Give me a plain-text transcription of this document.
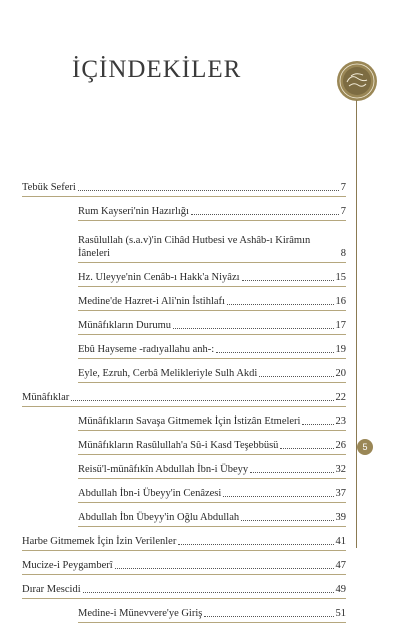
İÇİNDEKİLER
5
Tebük Seferi	7
Rum Kayseri'nin Hazırlığı	7
Rasûlullah (s.a.v)'in Cihâd Hutbesi ve Ashâb-ı Kirâmın İâneleri	8
Hz. Uleyye'nin Cenâb-ı Hakk'a Niyâzı	15
Medine'de Hazret-i Ali'nin İstihlafı	16
Münâfıkların Durumu	17
Ebû Hayseme -radıyallahu anh-:	19
Eyle, Ezruh, Cerbâ Melikleriyle Sulh Akdi	20
Münâfıklar	22
Münâfıkların Savaşa Gitmemek İçin İstizân Etmeleri	23
Münâfıkların Rasûlullah'a Sû-i Kasd Teşebbüsü	26
Reisü'l-münâfıkîn Abdullah İbn-i Übeyy	32
Abdullah İbn-i Übeyy'in Cenâzesi	37
Abdullah İbn Übeyy'in Oğlu Abdullah	39
Harbe Gitmemek İçin İzin Verilenler	41
Mucize-i Peygamberî	47
Dırar Mescidi	49
Medine-i Münevvere'ye Giriş	51
